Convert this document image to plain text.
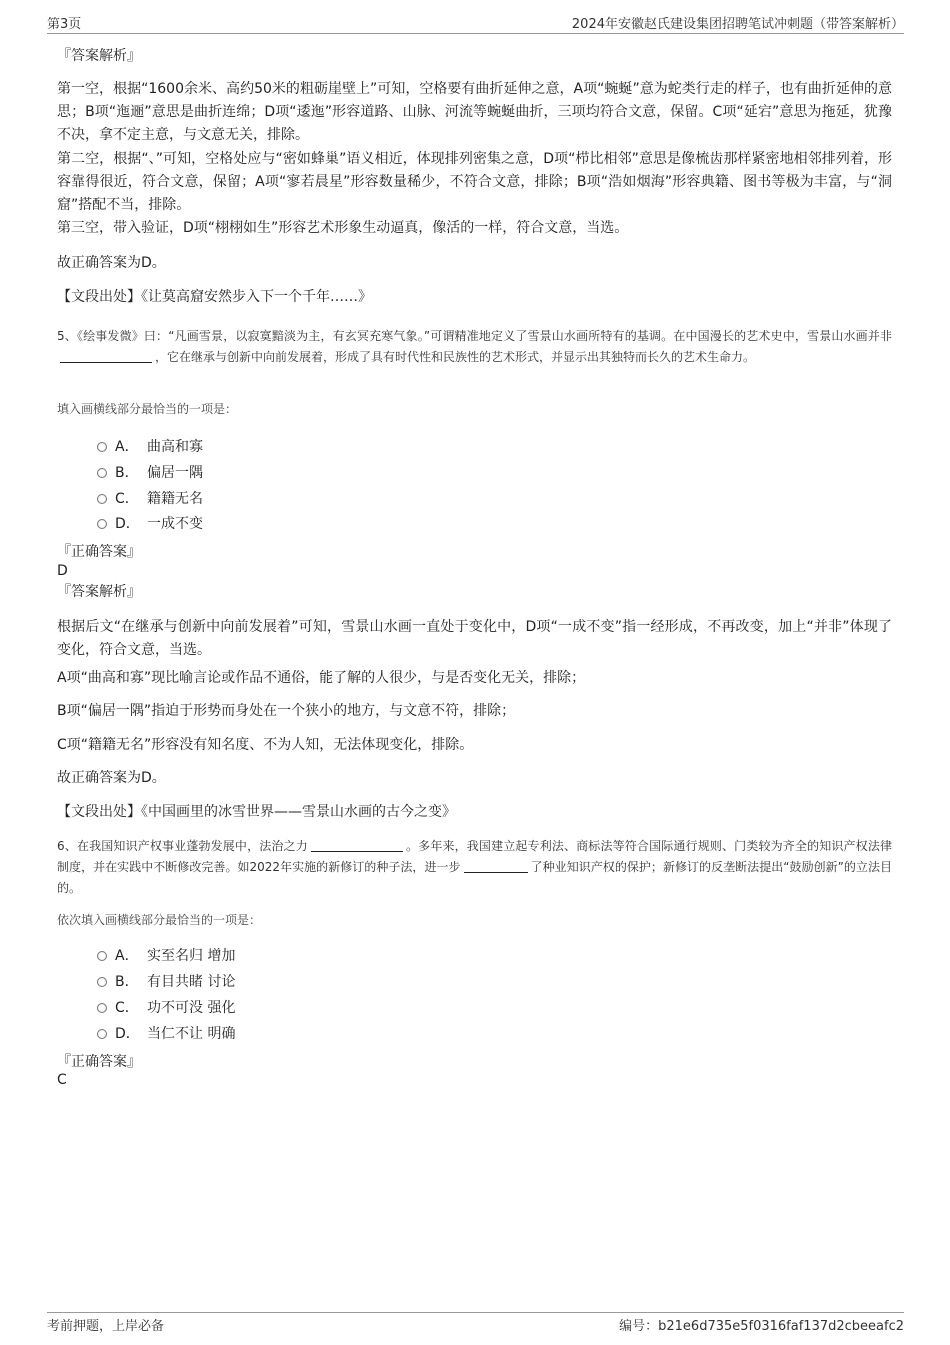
第3页	2024年安徽赵氏建设集团招聘笔试冲刺题（带答案解析）
『答案解析』
第一空，根据“1600余米、高约50米的粗砺崖壁上”可知，空格要有曲折延伸之意，A项“蜿蜒”意为蛇类行走的样子，也有曲折延伸的意思；B项“迤逦”意思是曲折连绵；D项“逶迤”形容道路、山脉、河流等蜿蜒曲折，三项均符合文意，保留。C项“延宕”意思为拖延，犹豫不决，拿不定主意，与文意无关，排除。
第二空，根据“、”可知，空格处应与“密如蜂巢”语义相近，体现排列密集之意，D项“栉比相邻”意思是像梳齿那样紧密地相邻排列着，形容靠得很近，符合文意，保留；A项“寥若晨星”形容数量稀少，不符合文意，排除；B项“浩如烟海”形容典籍、图书等极为丰富，与“洞窟”搭配不当，排除。
第三空，带入验证，D项“栩栩如生”形容艺术形象生动逼真，像活的一样，符合文意，当选。
故正确答案为D。
【文段出处】《让莫高窟安然步入下一个千年……》
5、《绘事发微》曰：“凡画雪景，以寂寞黯淡为主，有玄冥充寒气象。”可谓精准地定义了雪景山水画所特有的基调。在中国漫长的艺术史中，雪景山水画并非，它在继承与创新中向前发展着，形成了具有时代性和民族性的艺术形式，并显示出其独特而长久的艺术生命力。
填入画横线部分最恰当的一项是：
A． 曲高和寡
B． 偏居一隅
C． 籍籍无名
D． 一成不变
『正确答案』
D
『答案解析』
根据后文“在继承与创新中向前发展着”可知，雪景山水画一直处于变化中，D项“一成不变”指一经形成，不再改变，加上“并非”体现了变化，符合文意，当选。
A项“曲高和寡”现比喻言论或作品不通俗，能了解的人很少，与是否变化无关，排除；
B项“偏居一隅”指迫于形势而身处在一个狭小的地方，与文意不符，排除；
C项“籍籍无名”形容没有知名度、不为人知，无法体现变化，排除。
故正确答案为D。
【文段出处】《中国画里的冰雪世界——雪景山水画的古今之变》
6、在我国知识产权事业蓬勃发展中，法治之力	。多年来，我国建立起专利法、商标法等符合国际通行规则、门类较为齐全的知识产权法律制度，并在实践中不断修改完善。如2022年实施的新修订的种子法，进一步	了种业知识产权的保护；新修订的反垄断法提出“鼓励创新”的立法目的。
依次填入画横线部分最恰当的一项是：
A． 实至名归 增加
B． 有目共睹 讨论
C． 功不可没 强化
D． 当仁不让 明确
『正确答案』
C
考前押题，上岸必备	编号：b21e6d735e5f0316faf137d2cbeeafc2
